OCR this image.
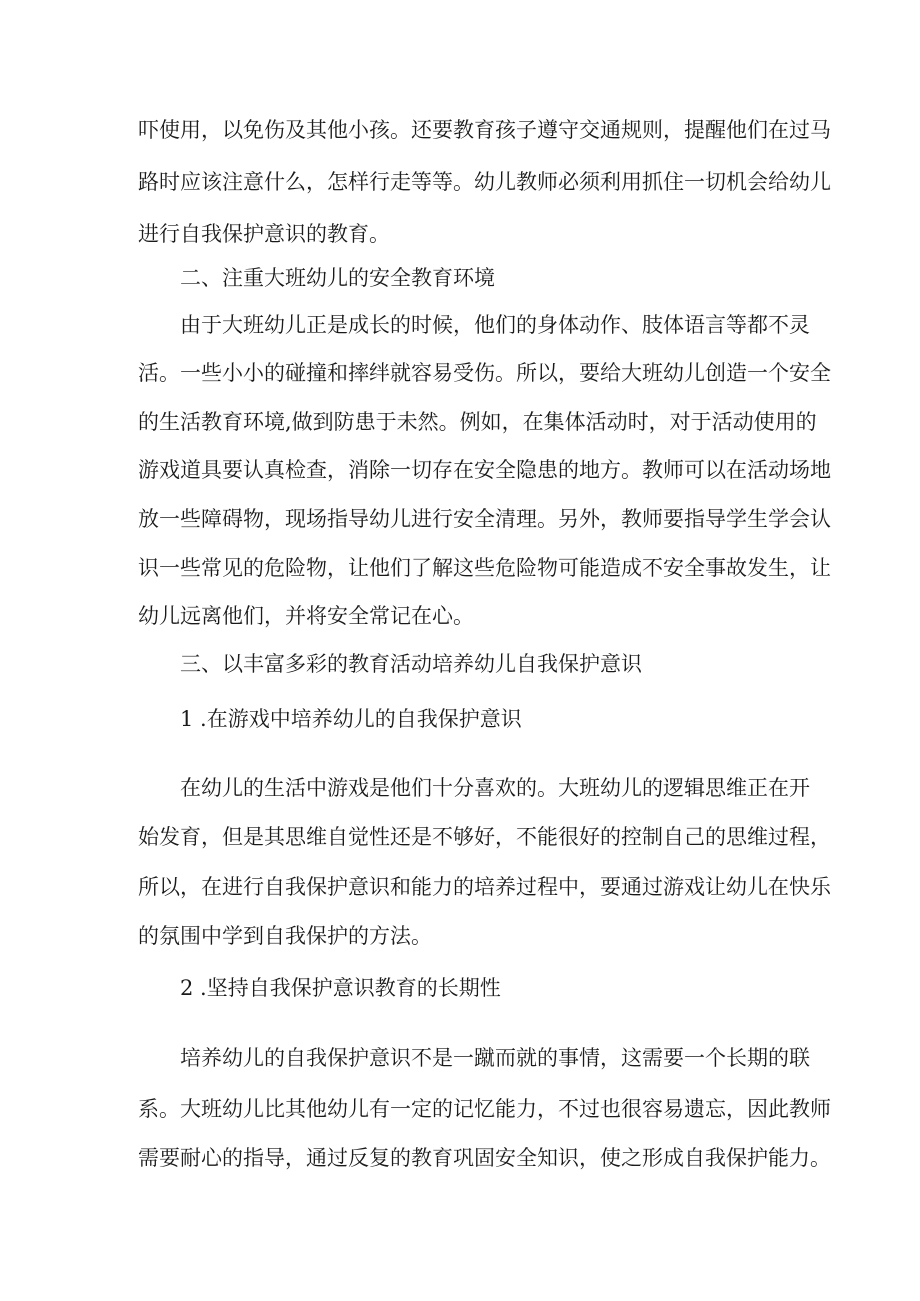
吓使用，以免伤及其他小孩。还要教育孩子遵守交通规则，提醒他们在过马
路时应该注意什么，怎样行走等等。幼儿教师必须利用抓住一切机会给幼儿
进行自我保护意识的教育。
二、注重大班幼儿的安全教育环境
由于大班幼儿正是成长的时候，他们的身体动作、肢体语言等都不灵
活。一些小小的碰撞和摔绊就容易受伤。所以，要给大班幼儿创造一个安全
的生活教育环境,做到防患于未然。例如，在集体活动时，对于活动使用的
游戏道具要认真检查，消除一切存在安全隐患的地方。教师可以在活动场地
放一些障碍物，现场指导幼儿进行安全清理。另外，教师要指导学生学会认
识一些常见的危险物，让他们了解这些危险物可能造成不安全事故发生，让
幼儿远离他们，并将安全常记在心。
三、以丰富多彩的教育活动培养幼儿自我保护意识
1 .在游戏中培养幼儿的自我保护意识
在幼儿的生活中游戏是他们十分喜欢的。大班幼儿的逻辑思维正在开
始发育，但是其思维自觉性还是不够好，不能很好的控制自己的思维过程，
所以，在进行自我保护意识和能力的培养过程中，要通过游戏让幼儿在快乐
的氛围中学到自我保护的方法。
2 .坚持自我保护意识教育的长期性
培养幼儿的自我保护意识不是一蹴而就的事情，这需要一个长期的联
系。大班幼儿比其他幼儿有一定的记忆能力，不过也很容易遗忘，因此教师
需要耐心的指导，通过反复的教育巩固安全知识，使之形成自我保护能力。
